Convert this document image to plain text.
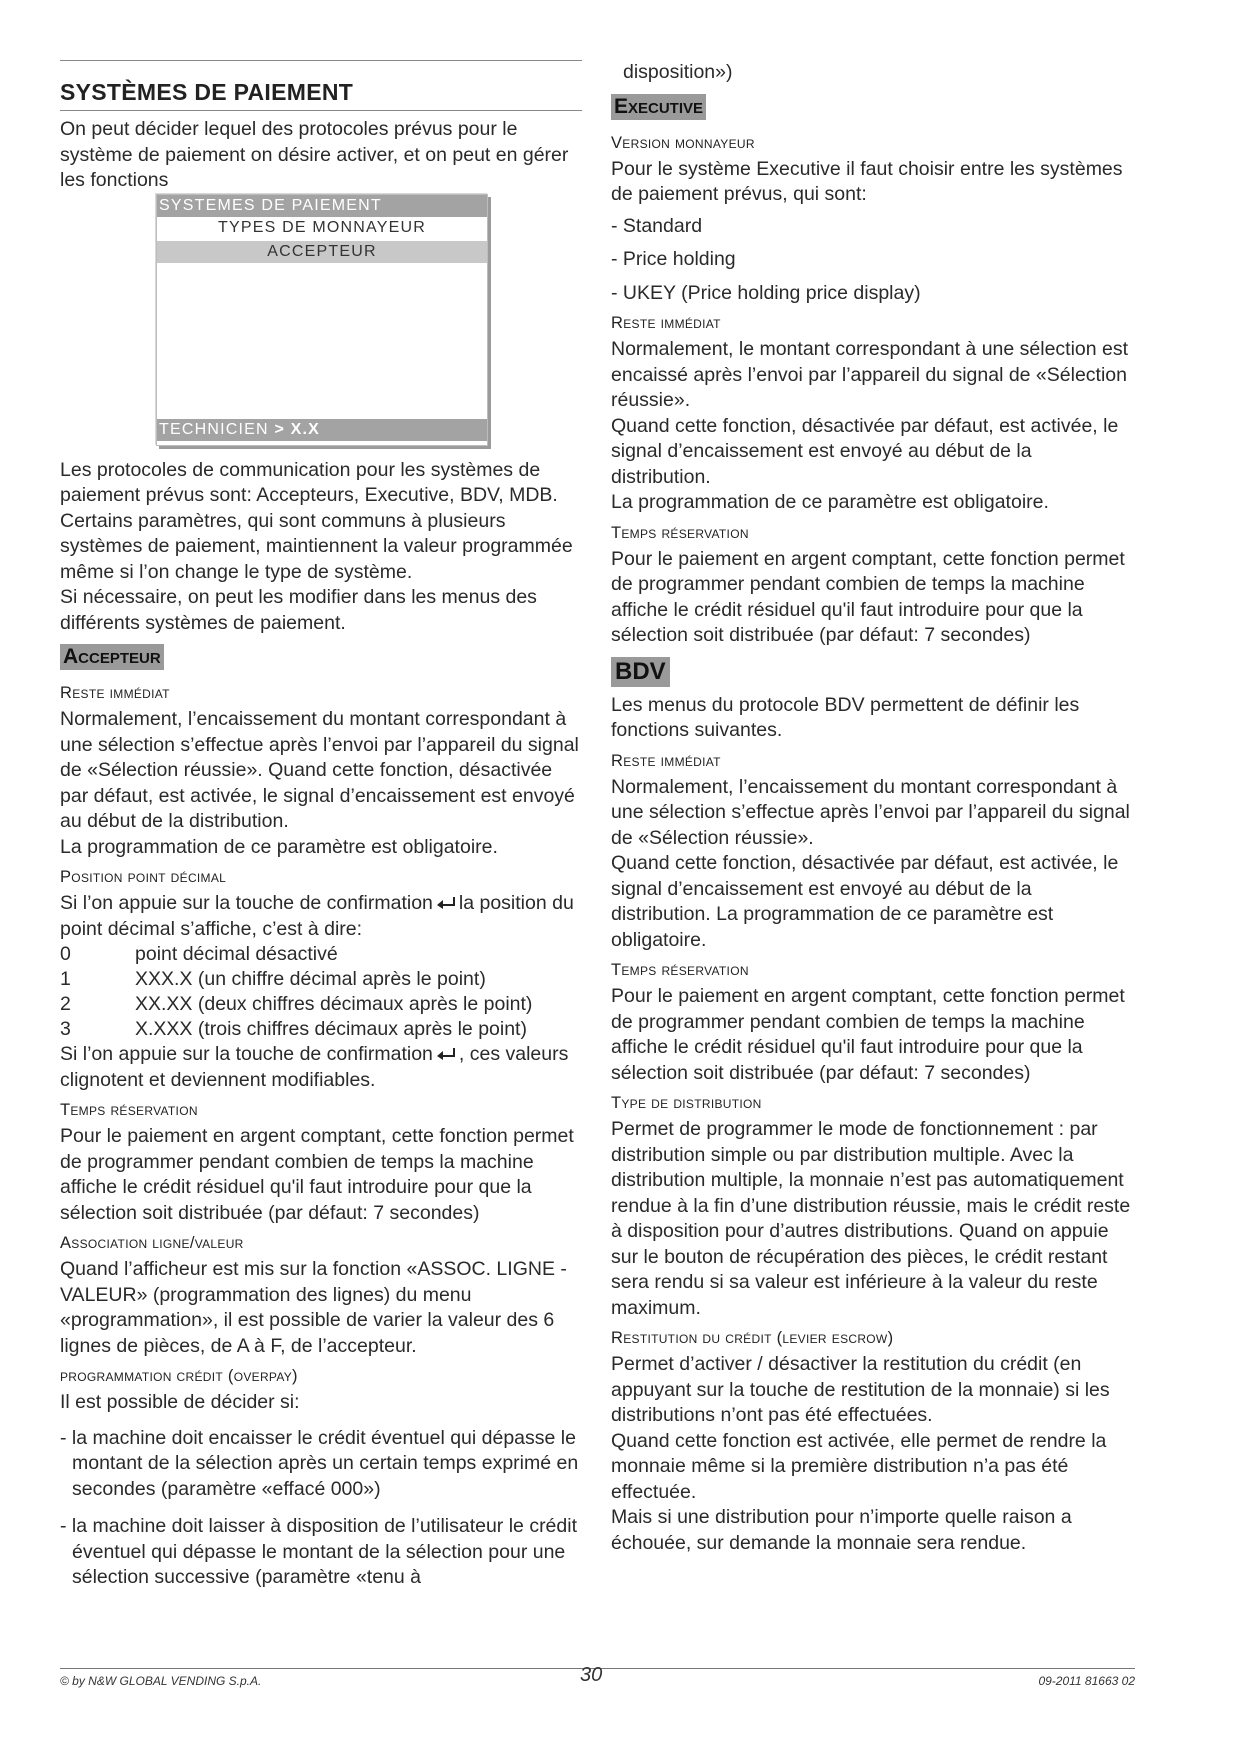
SYSTÈMES DE PAIEMENT

On peut décider lequel des protocoles prévus pour le système de paiement on désire activer, et on peut en gérer les fonctions

SYSTEMES DE PAIEMENT
TYPES DE MONNAYEUR
ACCEPTEUR
TECHNICIEN > X.X

Les protocoles de communication pour les systèmes de paiement prévus sont: Accepteurs, Executive, BDV, MDB.

Certains paramètres, qui sont communs à plusieurs systèmes de paiement, maintiennent la valeur programmée même si l’on change le type de système.

Si nécessaire, on peut les modifier dans les menus des différents systèmes de paiement.

Accepteur
Reste immédiat

Normalement, l’encaissement du montant correspondant à une sélection s’effectue après l’envoi par l’appareil du signal de «Sélection réussie». Quand cette fonction, désactivée par défaut, est activée, le signal d’encaissement est envoyé au début de la distribution.

La programmation de ce paramètre est obligatoire.

Position point décimal

Si l’on appuie sur la touche de confirmation la position du point décimal s’affiche, c’est à dire:

0	point décimal désactivé
1	XXX.X (un chiffre décimal après le point)
2	XX.XX (deux chiffres décimaux après le point)
3	X.XXX (trois chiffres décimaux après le point)

Si l’on appuie sur la touche de confirmation , ces valeurs clignotent et deviennent modifiables.

Temps réservation

Pour le paiement en argent comptant, cette fonction permet de programmer pendant combien de temps la machine affiche le crédit résiduel qu'il faut introduire pour que la sélection soit distribuée (par défaut: 7 secondes)

Association ligne/valeur

Quand l’afficheur est mis sur la fonction «ASSOC. LIGNE - VALEUR» (programmation des lignes) du menu «programmation», il est possible de varier la valeur des 6 lignes de pièces, de A à F, de l’accepteur.

programmation crédit (overpay)

Il est possible de décider si:

- la machine doit encaisser le crédit éventuel qui dépasse le montant de la sélection après un certain temps exprimé en secondes (paramètre «effacé 000»)
- la machine doit laisser à disposition de l’utilisateur le crédit éventuel qui dépasse le montant de la sélection pour une sélection successive (paramètre «tenu à

disposition»)

Executive
Version monnayeur

Pour le système Executive il faut choisir entre les systèmes de paiement prévus, qui sont:

- Standard

- Price holding

- UKEY (Price holding price display)

Reste immédiat

Normalement, le montant correspondant à une sélection est encaissé après l’envoi par l’appareil du signal de «Sélection réussie».

Quand cette fonction, désactivée par défaut, est activée, le signal d’encaissement est envoyé au début de la distribution.

La programmation de ce paramètre est obligatoire.

Temps réservation

Pour le paiement en argent comptant, cette fonction permet de programmer pendant combien de temps la machine affiche le crédit résiduel qu'il faut introduire pour que la sélection soit distribuée (par défaut: 7 secondes)

BDV

Les menus du protocole BDV permettent de définir les fonctions suivantes.

Reste immédiat

Normalement, l’encaissement du montant correspondant à une sélection s’effectue après l’envoi par l’appareil du signal de «Sélection réussie».

Quand cette fonction, désactivée par défaut, est activée, le signal d’encaissement est envoyé au début de la distribution. La programmation de ce paramètre est obligatoire.

Temps réservation

Pour le paiement en argent comptant, cette fonction permet de programmer pendant combien de temps la machine affiche le crédit résiduel qu'il faut introduire pour que la sélection soit distribuée (par défaut: 7 secondes)

Type de distribution

Permet de programmer le mode de fonctionnement : par distribution simple ou par distribution multiple. Avec la distribution multiple, la monnaie n’est pas automatiquement rendue à la fin d’une distribution réussie, mais le crédit reste à disposition pour d’autres distributions. Quand on appuie sur le bouton de récupération des pièces, le crédit restant sera rendu si sa valeur est inférieure à la valeur du reste maximum.

Restitution du crédit (levier escrow)

Permet d’activer / désactiver la restitution du crédit (en appuyant sur la touche de restitution de la monnaie) si les distributions n’ont pas été effectuées.

Quand cette fonction est activée, elle permet de rendre la monnaie même si la première distribution n’a pas été effectuée.

Mais si une distribution pour n’importe quelle raison a échouée, sur demande la monnaie sera rendue.

© by N&W GLOBAL VENDING S.p.A.	30	09-2011 81663 02
